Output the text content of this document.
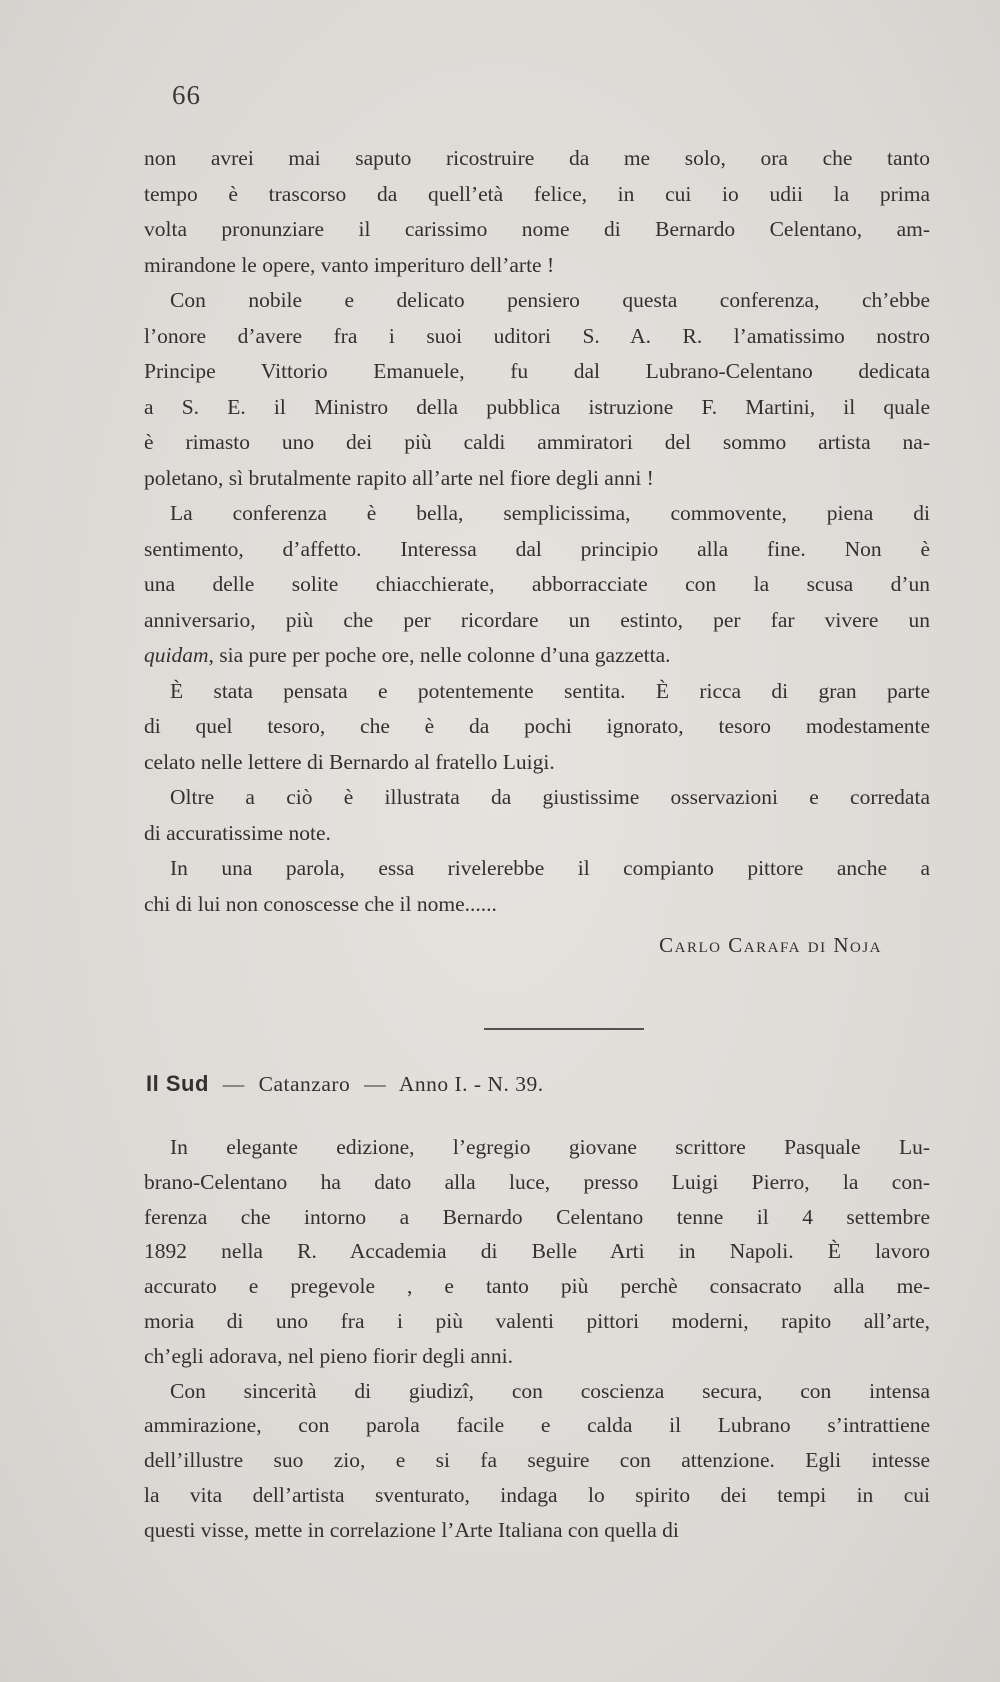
66

non avrei mai saputo ricostruire da me solo, ora che tanto

tempo è trascorso da quell’età felice, in cui io udii la prima

volta pronunziare il carissimo nome di Bernardo Celentano, am-

mirandone le opere, vanto imperituro dell’arte !

Con nobile e delicato pensiero questa conferenza, ch’ebbe

l’onore d’avere fra i suoi uditori S. A. R. l’amatissimo nostro

Principe Vittorio Emanuele, fu dal Lubrano-Celentano dedicata

a S. E. il Ministro della pubblica istruzione F. Martini, il quale

è rimasto uno dei più caldi ammiratori del sommo artista na-

poletano, sì brutalmente rapito all’arte nel fiore degli anni !

La conferenza è bella, semplicissima, commovente, piena di

sentimento, d’affetto. Interessa dal principio alla fine. Non è

una delle solite chiacchierate, abborracciate con la scusa d’un

anniversario, più che per ricordare un estinto, per far vivere un

quidam, sia pure per poche ore, nelle colonne d’una gazzetta.

È stata pensata e potentemente sentita. È ricca di gran parte

di quel tesoro, che è da pochi ignorato, tesoro modestamente

celato nelle lettere di Bernardo al fratello Luigi.

Oltre a ciò è illustrata da giustissime osservazioni e corredata

di accuratissime note.

In una parola, essa rivelerebbe il compianto pittore anche a

chi di lui non conoscesse che il nome......

Carlo Carafa di Noja
Il Sud — Catanzaro — Anno I. - N. 39.

In elegante edizione, l’egregio giovane scrittore Pasquale Lu-

brano-Celentano ha dato alla luce, presso Luigi Pierro, la con-

ferenza che intorno a Bernardo Celentano tenne il 4 settembre

1892 nella R. Accademia di Belle Arti in Napoli. È lavoro

accurato e pregevole , e tanto più perchè consacrato alla me-

moria di uno fra i più valenti pittori moderni, rapito all’arte,

ch’egli adorava, nel pieno fiorir degli anni.

Con sincerità di giudizî, con coscienza secura, con intensa

ammirazione, con parola facile e calda il Lubrano s’intrattiene

dell’illustre suo zio, e si fa seguire con attenzione. Egli intesse

la vita dell’artista sventurato, indaga lo spirito dei tempi in cui

questi visse, mette in correlazione l’Arte Italiana con quella di
